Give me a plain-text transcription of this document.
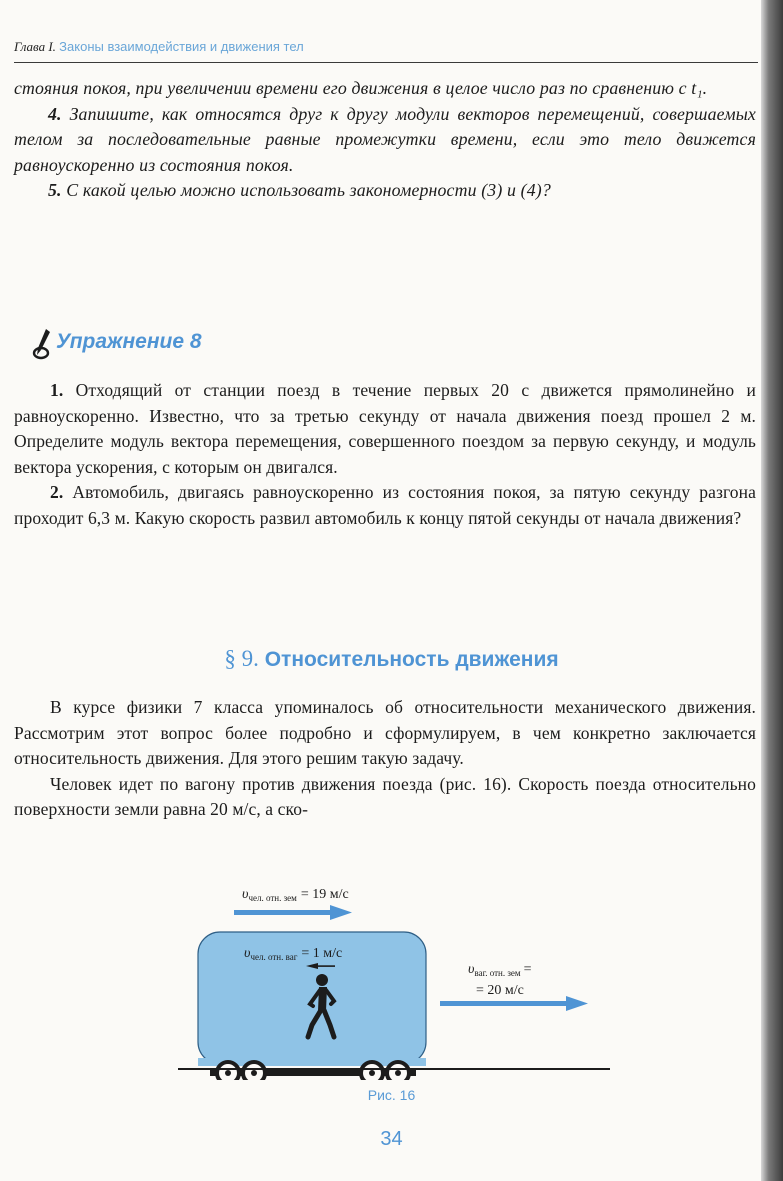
Глава I. Законы взаимодействия и движения тел
стояния покоя, при увеличении времени его движения в целое число раз по сравнению с t₁.
4. Запишите, как относятся друг к другу модули векторов перемещений, совершаемых телом за последовательные равные промежутки времени, если это тело движется равноускоренно из состояния покоя.
5. С какой целью можно использовать закономерности (3) и (4)?
Упражнение 8

1. Отходящий от станции поезд в течение первых 20 с движется прямолинейно и равноускоренно. Известно, что за третью секунду от начала движения поезд прошел 2 м. Определите модуль вектора перемещения, совершенного поездом за первую секунду, и модуль вектора ускорения, с которым он двигался.

2. Автомобиль, двигаясь равноускоренно из состояния покоя, за пятую секунду разгона проходит 6,3 м. Какую скорость развил автомобиль к концу пятой секунды от начала движения?

§ 9. Относительность движения

В курсе физики 7 класса упоминалось об относительности механического движения. Рассмотрим этот вопрос более подробно и сформулируем, в чем конкретно заключается относительность движения. Для этого решим такую задачу.

Человек идет по вагону против движения поезда (рис. 16). Скорость поезда относительно поверхности земли равна 20 м/с, а ско-

$\upsilon_{чел. отн. зем} = 19$ м/с
$\upsilon_{чел. отн. ваг} = 1$ м/с
$\upsilon_{ваг. отн. зем}$ =
= 20 м/с
Рис. 16
34
